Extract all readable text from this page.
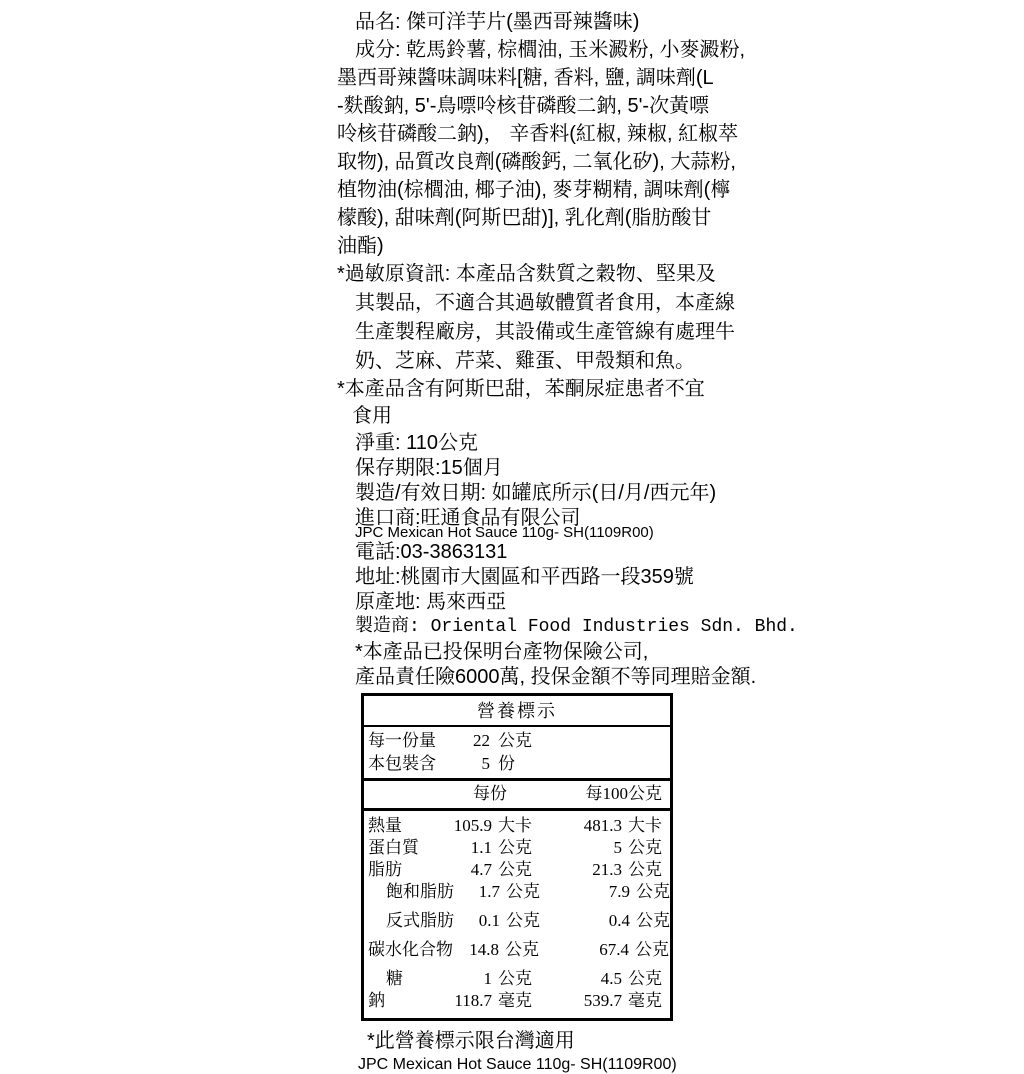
品名: 傑可洋芋片(墨西哥辣醬味)
成分: 乾馬鈴薯, 棕櫚油, 玉米澱粉, 小麥澱粉,
墨西哥辣醬味調味料[糖, 香料, 鹽, 調味劑(L
-麩酸鈉, 5'-鳥嘌呤核苷磷酸二鈉, 5'-次黃嘌
呤核苷磷酸二鈉)， 辛香料(紅椒, 辣椒, 紅椒萃
取物), 品質改良劑(磷酸鈣, 二氧化矽), 大蒜粉,
植物油(棕櫚油, 椰子油), 麥芽糊精, 調味劑(檸
檬酸), 甜味劑(阿斯巴甜)], 乳化劑(脂肪酸甘
油酯)
*過敏原資訊: 本產品含麩質之穀物、堅果及
其製品，不適合其過敏體質者食用，本產線
生產製程廠房，其設備或生產管線有處理牛
奶、芝麻、芹菜、雞蛋、甲殼類和魚。
*本產品含有阿斯巴甜，苯酮尿症患者不宜
食用
淨重: 110公克
保存期限:15個月
製造/有效日期: 如罐底所示(日/月/西元年)
進口商:旺通食品有限公司
JPC Mexican Hot Sauce 110g- SH(1109R00)
電話:03-3863131
地址:桃園市大園區和平西路一段359號
原產地: 馬來西亞
製造商: Oriental Food Industries Sdn. Bhd.
*本產品已投保明台產物保險公司,
產品責任險6000萬, 投保金額不等同理賠金額.
營養標示
每一份量	22 公克
本包裝含	5 份
每份	每100公克
熱量	105.9 大卡	481.3 大卡
蛋白質	1.1 公克	5 公克
脂肪	4.7 公克	21.3 公克
飽和脂肪	1.7 公克	7.9 公克
反式脂肪	0.1 公克	0.4 公克
碳水化合物 14.8 公克	67.4 公克
糖	1 公克	4.5 公克
鈉	118.7 毫克	539.7 毫克
*此營養標示限台灣適用
JPC Mexican Hot Sauce 110g- SH(1109R00)
